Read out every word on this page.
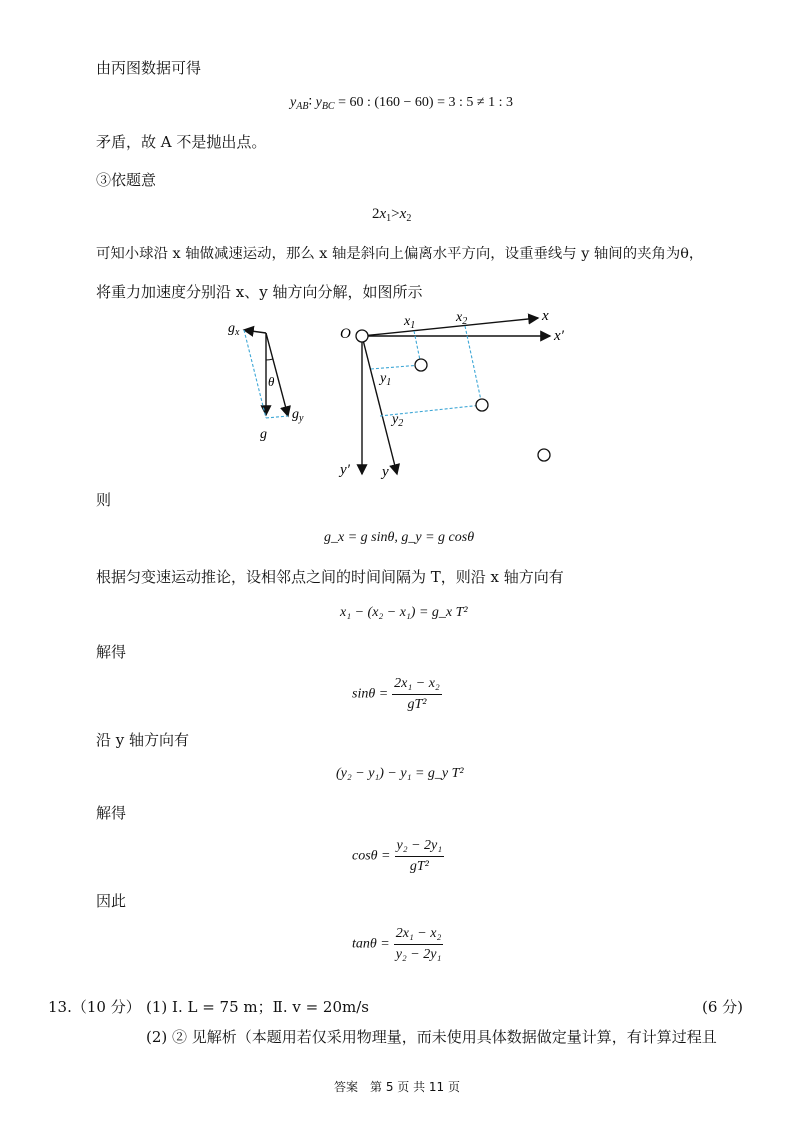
由丙图数据可得
$y_{AB}∶$ $y_{BC} = 60$ : (160 − 60) = 3 : 5 ≠ 1 : 3
矛盾，故 A 不是抛出点。
③依题意
$2x_1>x_2$
可知小球沿 x 轴做减速运动，那么 x 轴是斜向上偏离水平方向，设重垂线与 y 轴间的夹角为θ，
将重力加速度分别沿 x、y 轴方向分解，如图所示
$g_x$
θ
$g_y$
g
O
$x_1$
$x_2$	x
x′
$y_1$
$y_2$
y′ y
则
g_x = g sinθ, g_y = g cosθ
根据匀变速运动推论，设相邻点之间的时间间隔为 T，则沿 x 轴方向有
x₁ − (x₂ − x₁) = g_x T²
解得
$\sin\theta = \frac{\text{2x₁ − x₂}}{\text{gT²}}$
沿 y 轴方向有
(y₂ − y₁) − y₁ = g_y T²
解得
$\cos\theta = \frac{\text{y₂ − 2y₁}}{\text{gT²}}$
因此
$\tan\theta = \frac{\text{2x₁ − x₂}}{\text{y₂ − 2y₁}}$
13.（10 分） (1) Ⅰ. L = 75 m；Ⅱ. v = 20m/s	(6 分)
(2) ② 见解析（本题用若仅采用物理量，而未使用具体数据做定量计算，有计算过程且
答案　第 5 页 共 11 页
